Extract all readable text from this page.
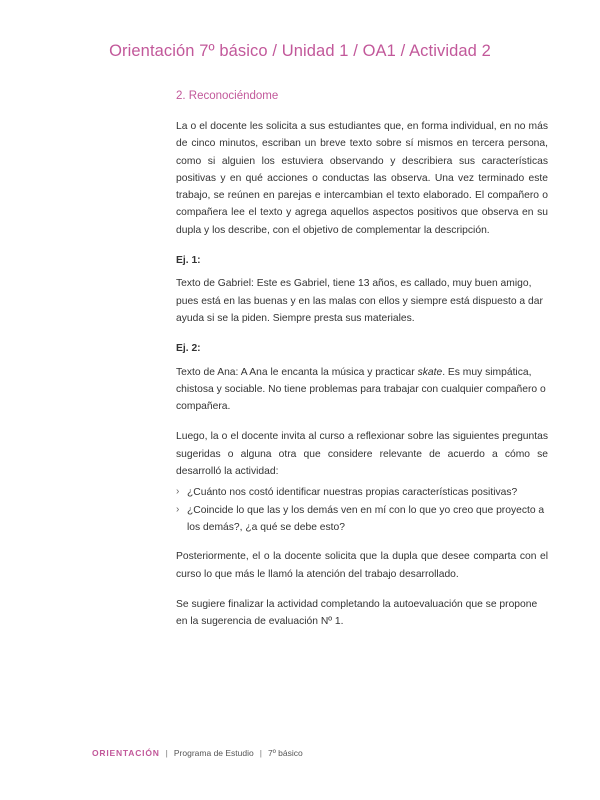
Orientación 7º básico / Unidad 1 / OA1 / Actividad 2
2. Reconociéndome

La o el docente les solicita a sus estudiantes que, en forma individual, en no más de cinco minutos, escriban un breve texto sobre sí mismos en tercera persona, como si alguien los estuviera observando y describiera sus características positivas y en qué acciones o conductas las observa. Una vez terminado este trabajo, se reúnen en parejas e intercambian el texto elaborado. El compañero o compañera lee el texto y agrega aquellos aspectos positivos que observa en su dupla y los describe, con el objetivo de complementar la descripción.

Ej. 1:

Texto de Gabriel: Este es Gabriel, tiene 13 años, es callado, muy buen amigo, pues está en las buenas y en las malas con ellos y siempre está dispuesto a dar ayuda si se la piden. Siempre presta sus materiales.

Ej. 2:

Texto de Ana: A Ana le encanta la música y practicar skate. Es muy simpática, chistosa y sociable. No tiene problemas para trabajar con cualquier compañero o compañera.

Luego, la o el docente invita al curso a reflexionar sobre las siguientes preguntas sugeridas o alguna otra que considere relevante de acuerdo a cómo se desarrolló la actividad:

› ¿Cuánto nos costó identificar nuestras propias características positivas?
› ¿Coincide lo que las y los demás ven en mí con lo que yo creo que proyecto a los demás?, ¿a qué se debe esto?

Posteriormente, el o la docente solicita que la dupla que desee comparta con el curso lo que más le llamó la atención del trabajo desarrollado.

Se sugiere finalizar la actividad completando la autoevaluación que se propone en la sugerencia de evaluación Nº 1.

ORIENTACIÓN | Programa de Estudio | 7º básico
